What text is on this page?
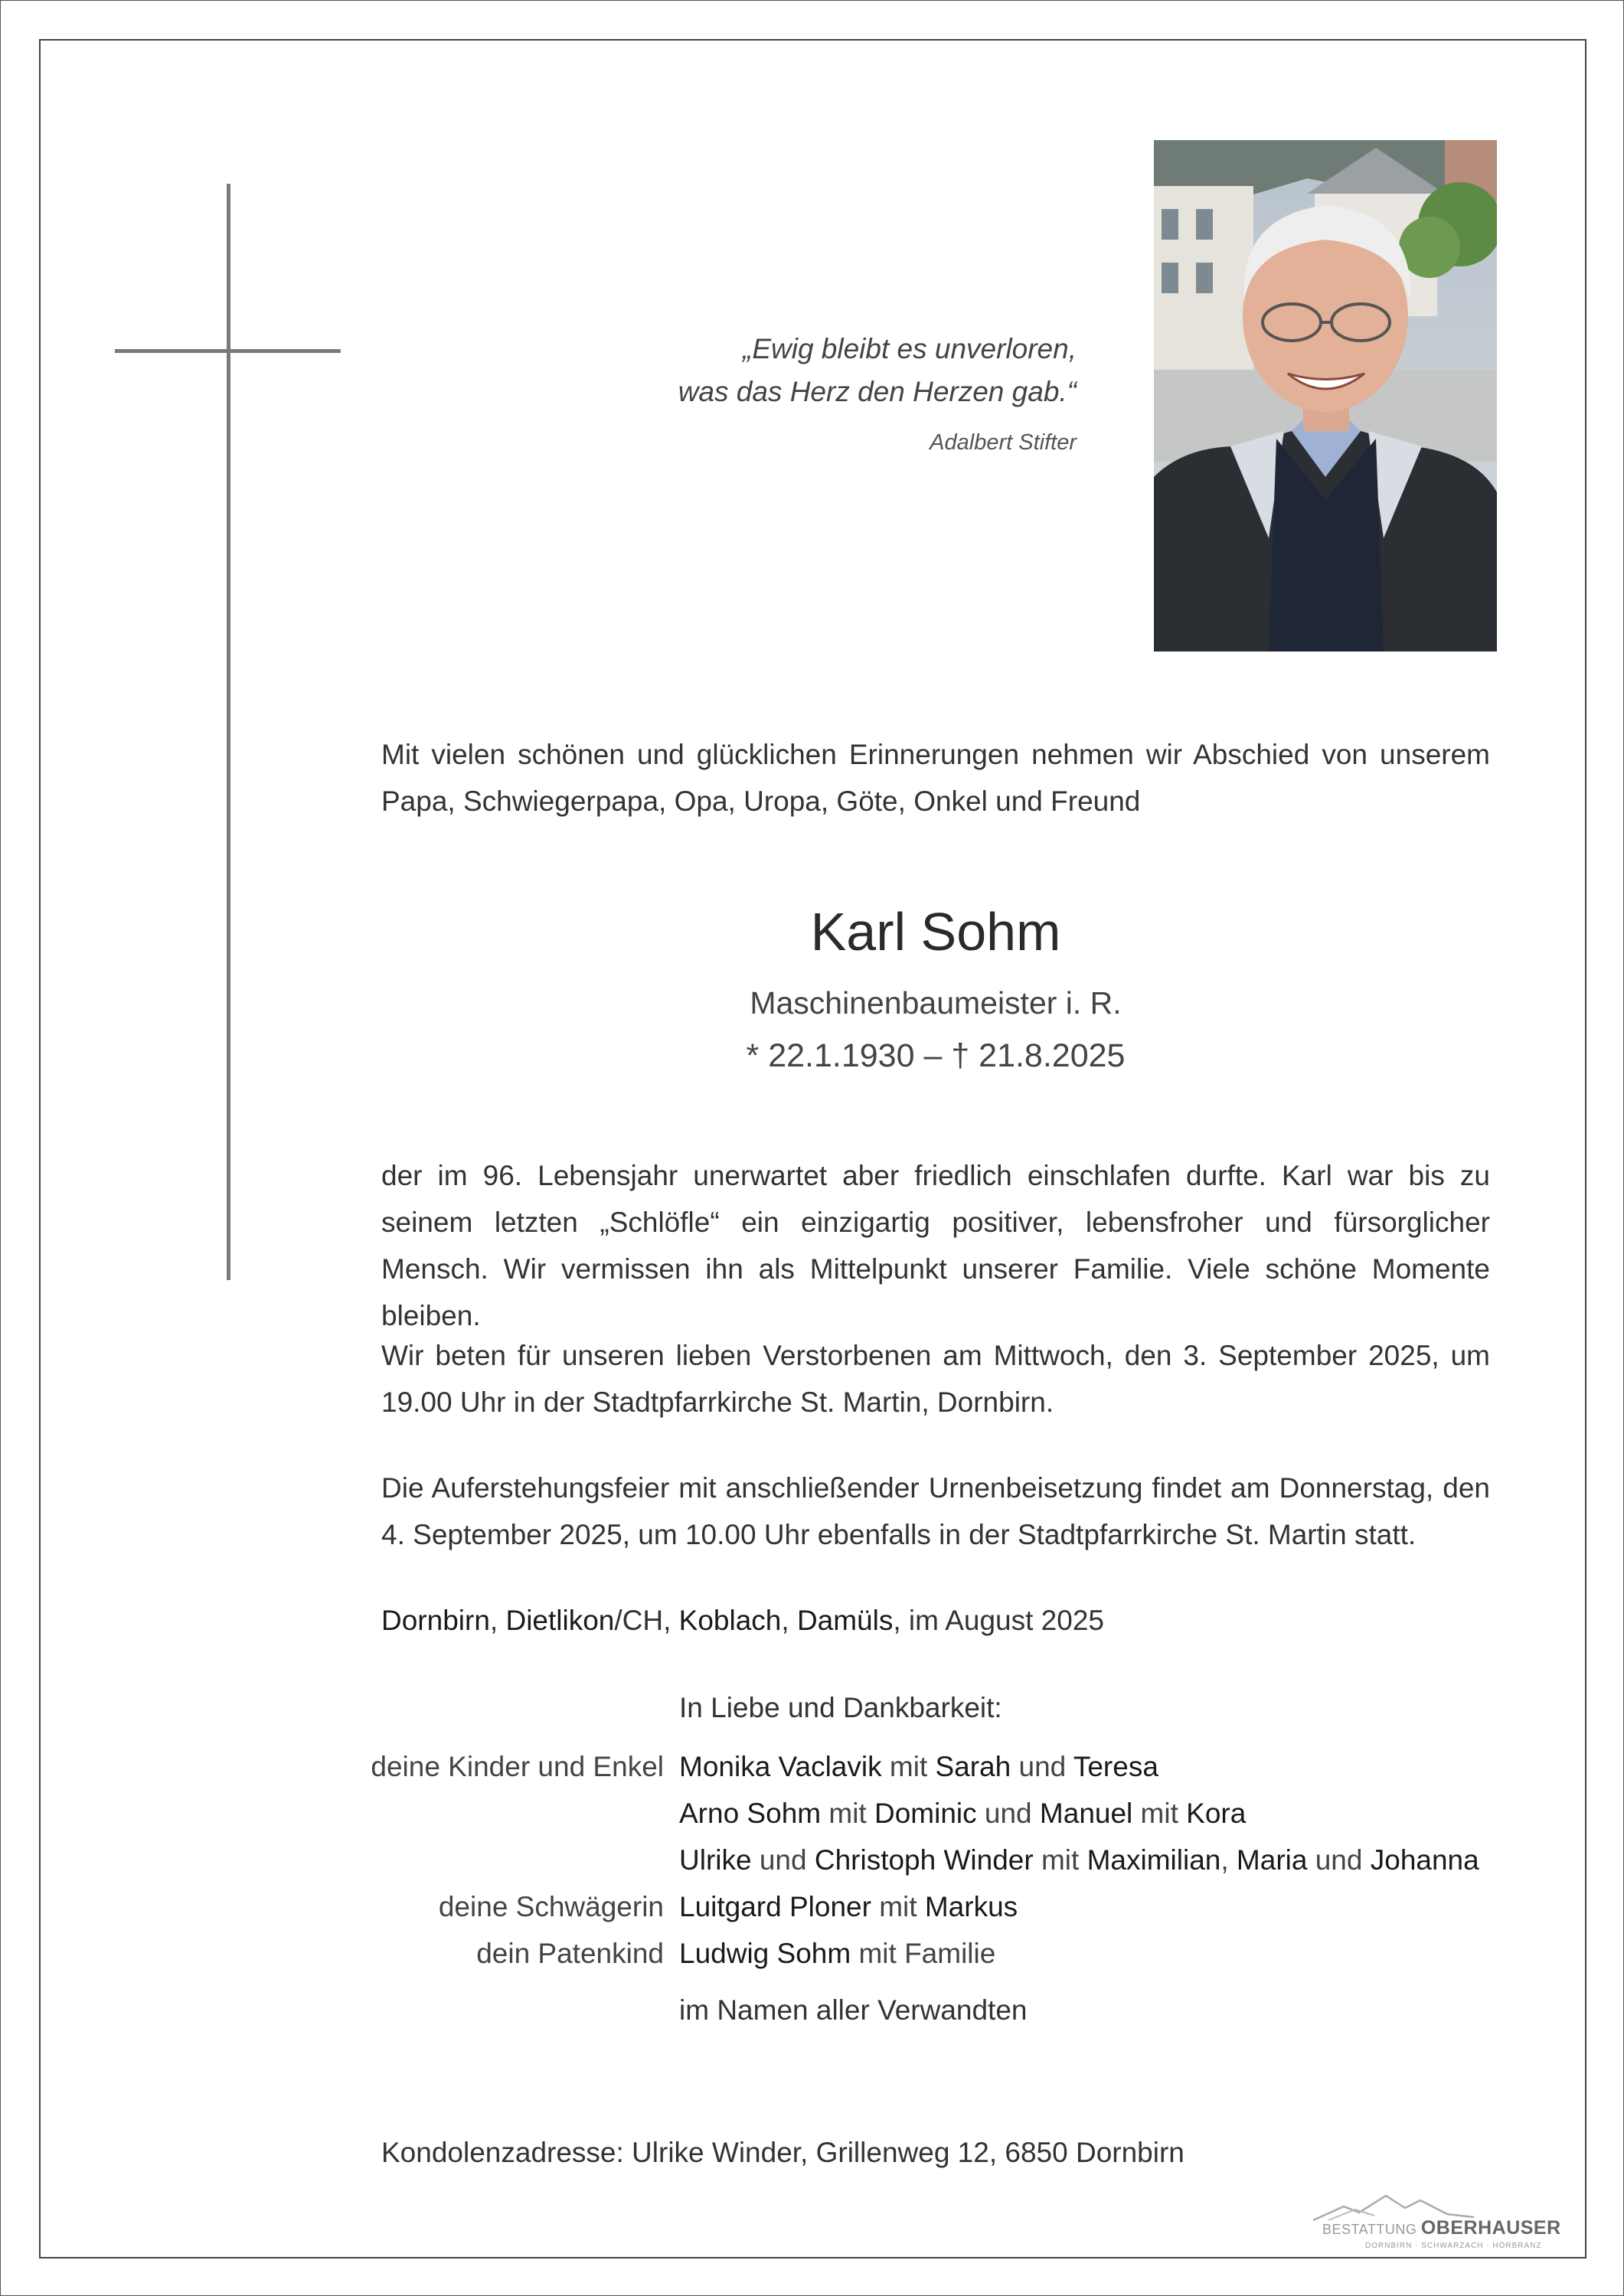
„Ewig bleibt es unverloren,
was das Herz den Herzen gab.“
Adalbert Stifter
Mit vielen schönen und glücklichen Erinnerungen nehmen wir Abschied von unserem Papa, Schwiegerpapa, Opa, Uropa, Göte, Onkel und Freund
Karl Sohm
Maschinenbaumeister i. R.
* 22.1.1930 – † 21.8.2025
der im 96. Lebensjahr unerwartet aber friedlich einschlafen durfte. Karl war bis zu seinem letzten „Schlöfle“ ein einzigartig positiver, lebensfroher und fürsorglicher Mensch. Wir vermissen ihn als Mittelpunkt unserer Familie. Viele schöne Momente bleiben.
Wir beten für unseren lieben Verstorbenen am Mittwoch, den 3. September 2025, um 19.00 Uhr in der Stadtpfarrkirche St. Martin, Dornbirn.
Die Auferstehungsfeier mit anschließender Urnenbeisetzung findet am Donnerstag, den 4. September 2025, um 10.00 Uhr ebenfalls in der Stadtpfarrkirche St. Martin statt.
Dornbirn, Dietlikon/CH, Koblach, Damüls, im August 2025
In Liebe und Dankbarkeit:
deine Kinder und Enkel Monika Vaclavik mit Sarah und Teresa
Arno Sohm mit Dominic und Manuel mit Kora
Ulrike und Christoph Winder mit Maximilian, Maria und Johanna
deine Schwägerin Luitgard Ploner mit Markus
dein Patenkind Ludwig Sohm mit Familie
im Namen aller Verwandten
Kondolenzadresse: Ulrike Winder, Grillenweg 12, 6850 Dornbirn
BESTATTUNG OBERHAUSER
DORNBIRN · SCHWARZACH · HÖRBRANZ
